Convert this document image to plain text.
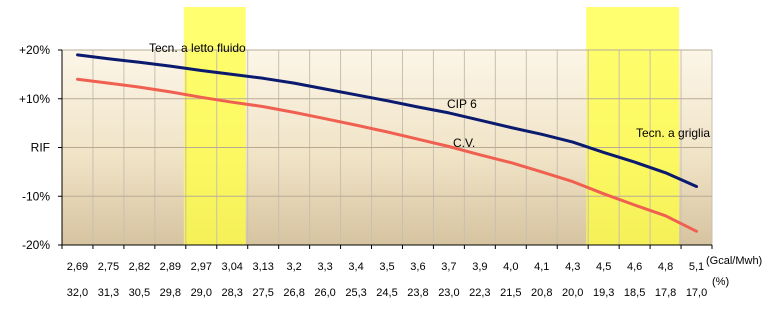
+20%
+10%
RIF
-10%
-20%
2,69 2,75 2,82 2,89 2,97 3,04 3,13 3,2 3,3 3,4 3,5 3,6 3,7 3,9 4,0 4,1 4,3 4,5 4,6 4,8 5,1 (Gcal/Mwh)
32,0 31,3 30,5 29,8 29,0 28,3 27,5 26,8 26,0 25,3 24,5 23,8 23,0 22,3 21,5 20,8 20,0 19,3 18,5 17,8 17,0
(%)
CIP 6
C.V.
Tecn. a letto fluido
Tecn. a griglia
